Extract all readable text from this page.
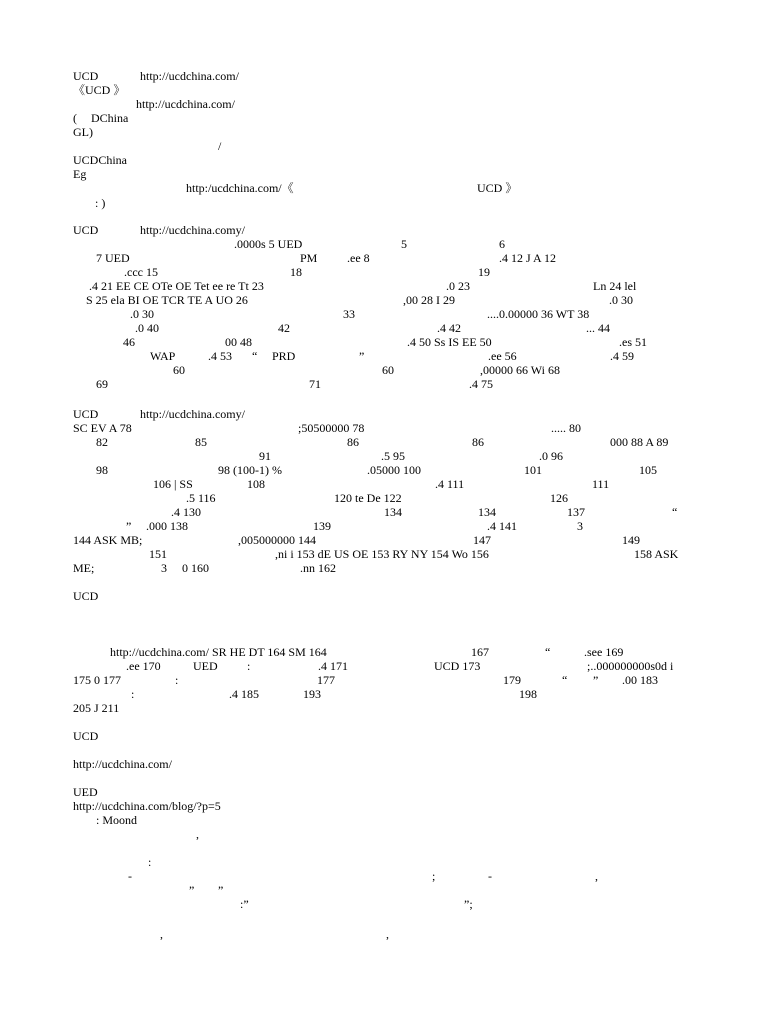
UCD	http://ucdchina.com/
《UCD 》
http://ucdchina.com/
( DChina
GL)
/
UCDChina
Eg
http:/ucdchina.com/《	UCD 》
: )
UCD	http://ucdchina.comy/
.0000s 5 UED	5	6
7 UED	PM .ee 8	.4 12 J A 12
.ccc 15	18	19
.4 21 EE CE OTe OE Tet ee re Tt 23	.0 23	Ln 24 lel
S 25 ela BI OE TCR TE A UO 26	,00 28 I 29	.0 30
.0 30	33	....0.00000 36 WT 38
.0 40	42	.4 42	... 44
46	00 48	.4 50 Ss IS EE 50	.es 51
WAP	.4 53 “ PRD	”	.ee 56	.4 59
60	60	,00000 66 Wi 68
69	71	.4 75
UCD	http://ucdchina.comy/
SC EV A 78	;50500000 78	..... 80
82	85	86	86	000 88 A 89
91	.5 95	.0 96
98	98 (100-1) %	.05000 100	101	105
106 | SS	108	.4 111	111
.5 116	120 te De 122	126
.4 130	134	134	137	“
” .000 138	139	.4 141	3
144 ASK MB;	,005000000 144	147	149
151	,ni i 153 dE US OE 153 RY NY 154 Wo 156	158 ASK
ME;	3 0 160	.nn 162
UCD
http://ucdchina.com/ SR HE DT 164 SM 164	167	“	.see 169
.ee 170	UED :	.4 171	UCD 173	;..000000000s0d i
175 0 177	:	177	179	“ ” .00 183
:	.4 185	193	198
205 J 211
UCD
http://ucdchina.com/
UED
http://ucdchina.com/blog/?p=5
: Moond
,
:
-	;	-	,
” ”
:”	”;
,	,
